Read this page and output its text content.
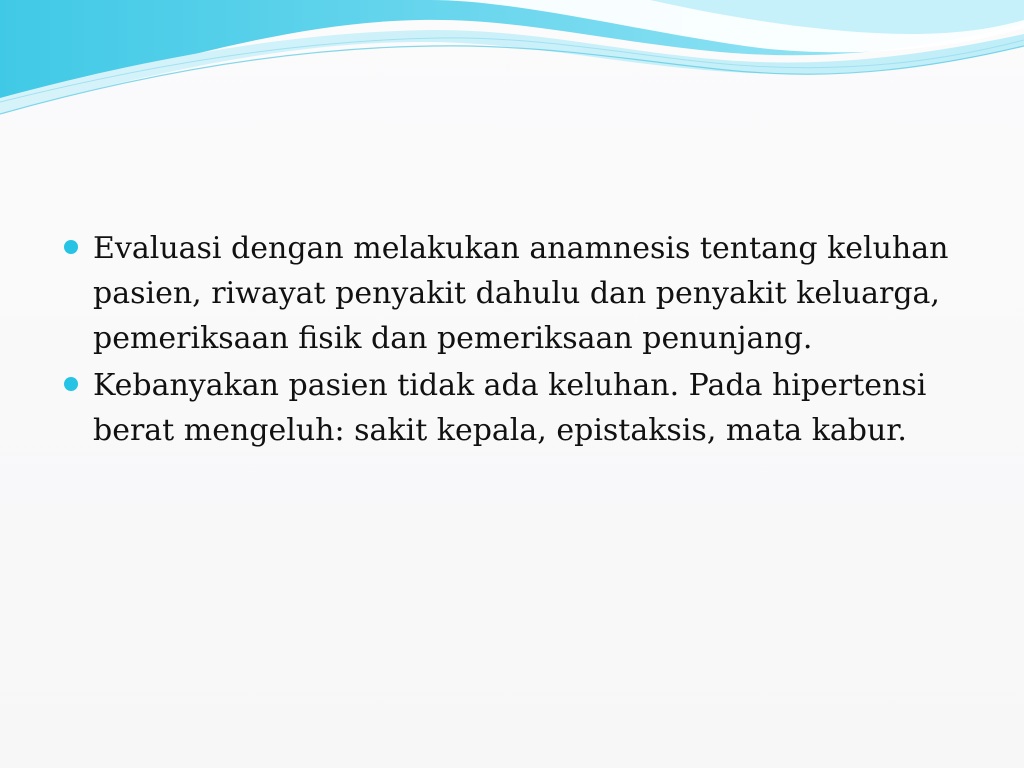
Evaluasi dengan melakukan anamnesis tentang keluhan pasien, riwayat penyakit dahulu dan penyakit keluarga, pemeriksaan fisik dan pemeriksaan penunjang.
Kebanyakan pasien tidak ada keluhan. Pada hipertensi berat mengeluh: sakit kepala, epistaksis, mata kabur.
